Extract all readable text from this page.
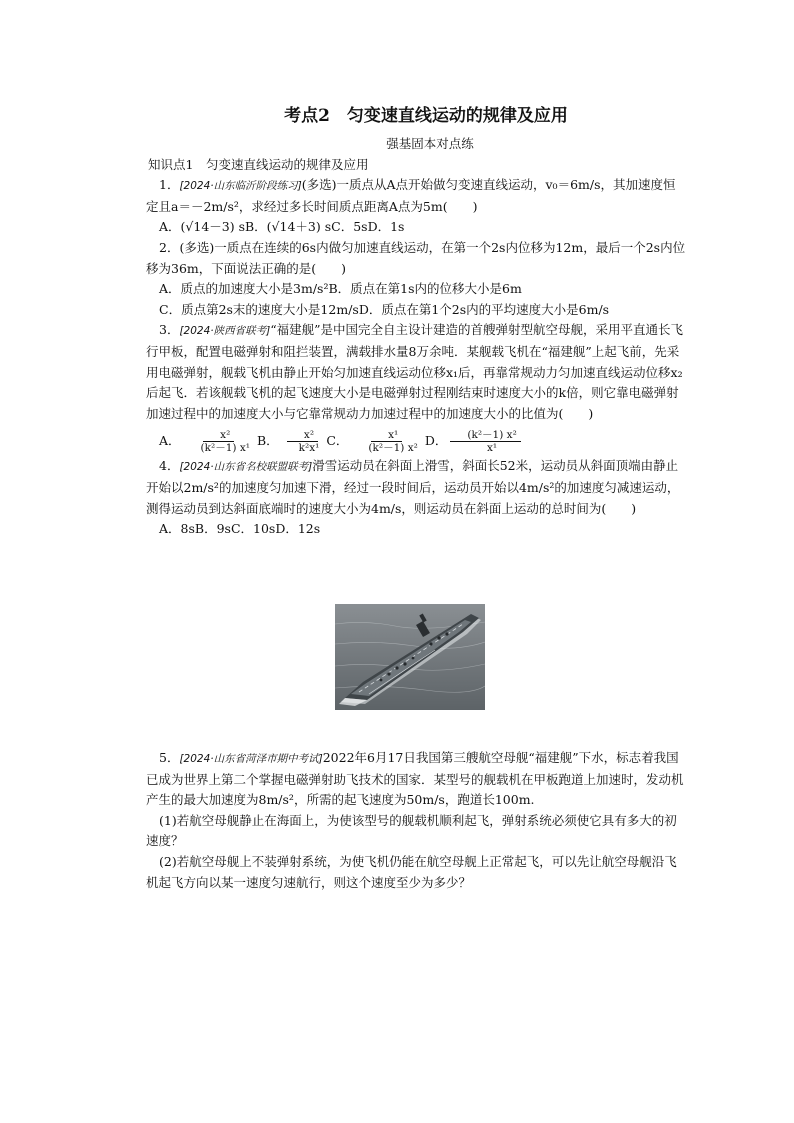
考点2　匀变速直线运动的规律及应用
强基固本对点练

知识点1　匀变速直线运动的规律及应用

1．[2024·山东临沂阶段练习](多选)一质点从A点开始做匀变速直线运动，v₀＝6m/s，其加速度恒定且a＝－2m/s²，求经过多长时间质点距离A点为5m(　　)

A．(√14－3) sB．(√14＋3) sC．5sD．1s

2．(多选)一质点在连续的6s内做匀加速直线运动，在第一个2s内位移为12m，最后一个2s内位移为36m，下面说法正确的是(　　)

A．质点的加速度大小是3m/s²B．质点在第1s内的位移大小是6m

C．质点第2s末的速度大小是12m/sD．质点在第1个2s内的平均速度大小是6m/s

3．[2024·陕西省联考]“福建舰”是中国完全自主设计建造的首艘弹射型航空母舰，采用平直通长飞行甲板，配置电磁弹射和阻拦装置，满载排水量8万余吨．某舰载飞机在“福建舰”上起飞前，先采用电磁弹射，舰载飞机由静止开始匀加速直线运动位移x₁后，再靠常规动力匀加速直线运动位移x₂后起飞．若该舰载飞机的起飞速度大小是电磁弹射过程刚结束时速度大小的k倍，则它靠电磁弹射加速过程中的加速度大小与它靠常规动力加速过程中的加速度大小的比值为(　　)

A． $\frac{\text{x²}}{\text{(k²－1) x¹}}$ B． $\frac{\text{x²}}{\text{k²x¹}}$ C． $\frac{\text{x¹}}{\text{(k²－1) x²}}$ D． $\frac{\text{(k²－1) x²}}{\text{x¹}}$

4．[2024·山东省名校联盟联考]滑雪运动员在斜面上滑雪，斜面长52米，运动员从斜面顶端由静止开始以2m/s²的加速度匀加速下滑，经过一段时间后，运动员开始以4m/s²的加速度匀减速运动，测得运动员到达斜面底端时的速度大小为4m/s，则运动员在斜面上运动的总时间为(　　)

A．8sB．9sC．10sD．12s

5．[2024·山东省菏泽市期中考试]2022年6月17日我国第三艘航空母舰“福建舰”下水，标志着我国已成为世界上第二个掌握电磁弹射助飞技术的国家．某型号的舰载机在甲板跑道上加速时，发动机产生的最大加速度为8m/s²，所需的起飞速度为50m/s，跑道长100m.

(1)若航空母舰静止在海面上，为使该型号的舰载机顺利起飞，弹射系统必须使它具有多大的初速度？

(2)若航空母舰上不装弹射系统，为使飞机仍能在航空母舰上正常起飞，可以先让航空母舰沿飞机起飞方向以某一速度匀速航行，则这个速度至少为多少？
